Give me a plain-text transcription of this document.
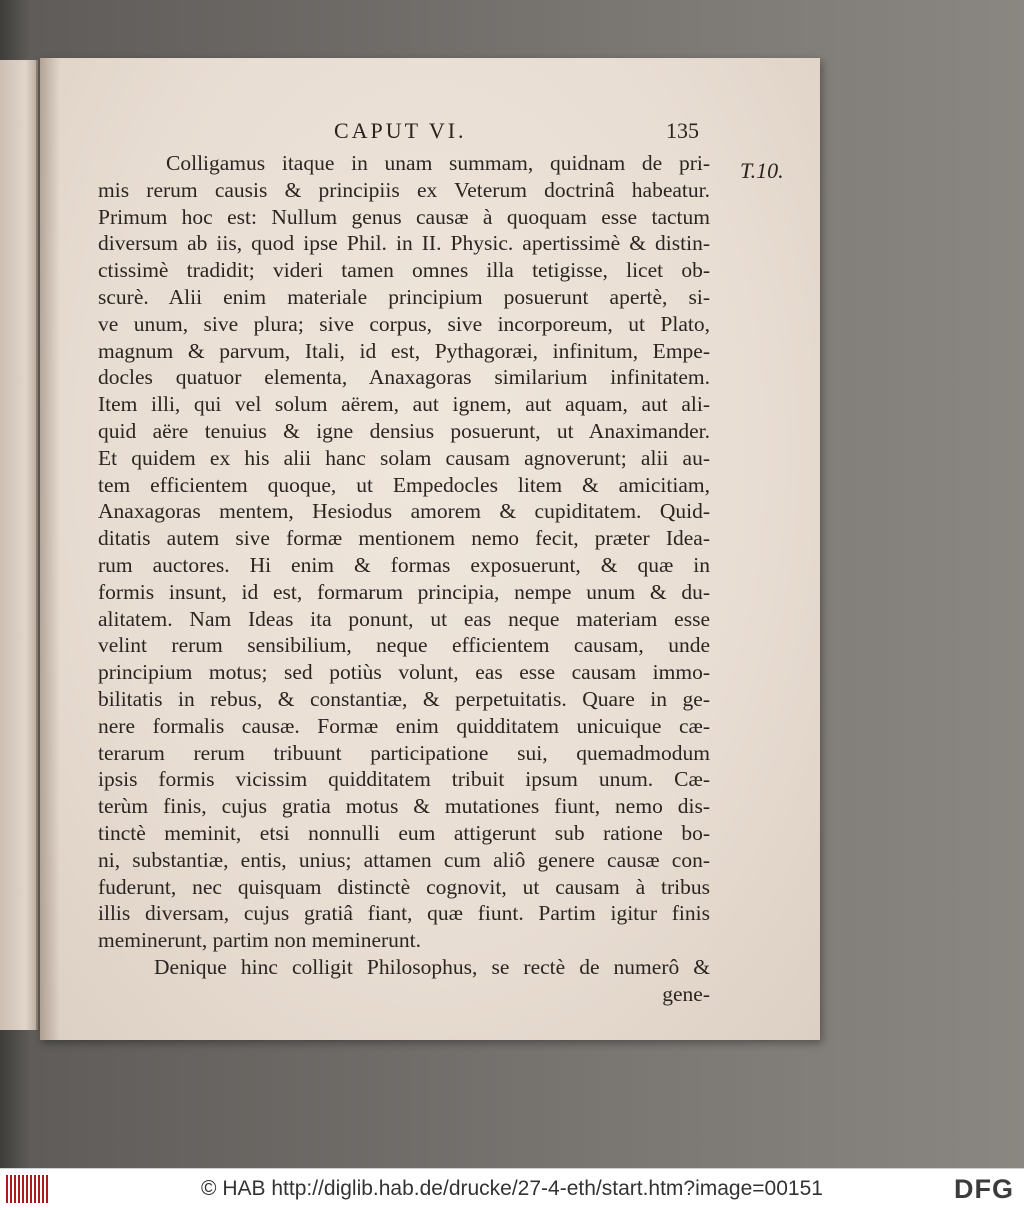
CAPUT VI.	135
T.10.
Colligamus itaque in unam summam, quidnam de pri-
mis rerum causis & principiis ex Veterum doctrinâ habeatur.
Primum hoc est: Nullum genus causæ à quoquam esse tactum
diversum ab iis, quod ipse Phil. in II. Physic. apertissimè & distin-
ctissimè tradidit; videri tamen omnes illa tetigisse, licet ob-
scurè. Alii enim materiale principium posuerunt apertè, si-
ve unum, sive plura; sive corpus, sive incorporeum, ut Plato,
magnum & parvum, Itali, id est, Pythagoræi, infinitum, Empe-
docles quatuor elementa, Anaxagoras similarium infinitatem.
Item illi, qui vel solum aërem, aut ignem, aut aquam, aut ali-
quid aëre tenuius & igne densius posuerunt, ut Anaximander.
Et quidem ex his alii hanc solam causam agnoverunt; alii au-
tem efficientem quoque, ut Empedocles litem & amicitiam,
Anaxagoras mentem, Hesiodus amorem & cupiditatem. Quid-
ditatis autem sive formæ mentionem nemo fecit, præter Idea-
rum auctores. Hi enim & formas exposuerunt, & quæ in
formis insunt, id est, formarum principia, nempe unum & du-
alitatem. Nam Ideas ita ponunt, ut eas neque materiam esse
velint rerum sensibilium, neque efficientem causam, unde
principium motus; sed potiùs volunt, eas esse causam immo-
bilitatis in rebus, & constantiæ, & perpetuitatis. Quare in ge-
nere formalis causæ. Formæ enim quidditatem unicuique cæ-
terarum rerum tribuunt participatione sui, quemadmodum
ipsis formis vicissim quidditatem tribuit ipsum unum. Cæ-
terùm finis, cujus gratia motus & mutationes fiunt, nemo dis-
tinctè meminit, etsi nonnulli eum attigerunt sub ratione bo-
ni, substantiæ, entis, unius; attamen cum aliô genere causæ con-
fuderunt, nec quisquam distinctè cognovit, ut causam à tribus
illis diversam, cujus gratiâ fiant, quæ fiunt. Partim igitur finis
meminerunt, partim non meminerunt.
Denique hinc colligit Philosophus, se rectè de numerô &
gene-
© HAB http://diglib.hab.de/drucke/27-4-eth/start.htm?image=00151	DFG
